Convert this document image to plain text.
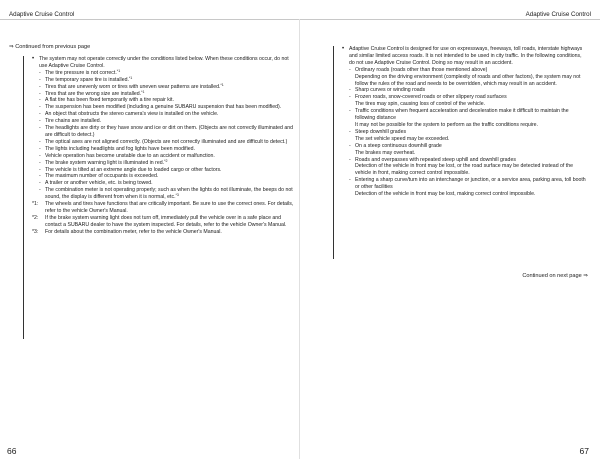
Adaptive Cruise Control	Adaptive Cruise Control
⇒ Continued from previous page
• The system may not operate correctly under the conditions listed below. When these conditions occur, do not use Adaptive Cruise Control.
- The tire pressure is not correct.$^{*1}$
- The temporary spare tire is installed.$^{*1}$
- Tires that are unevenly worn or tires with uneven wear patterns are installed.$^{*1}$
- Tires that are the wrong size are installed.$^{*1}$
- A flat tire has been fixed temporarily with a tire repair kit.
- The suspension has been modified (including a genuine SUBARU suspension that has been modified).
- An object that obstructs the stereo camera's view is installed on the vehicle.
- Tire chains are installed.
- The headlights are dirty or they have snow and ice or dirt on them. (Objects are not correctly illuminated and are difficult to detect.)
- The optical axes are not aligned correctly. (Objects are not correctly illuminated and are difficult to detect.)
- The lights including headlights and fog lights have been modified.
- Vehicle operation has become unstable due to an accident or malfunction.
- The brake system warning light is illuminated in red.$^{*2}$
- The vehicle is tilted at an extreme angle due to loaded cargo or other factors.
- The maximum number of occupants is exceeded.
- A trailer or another vehicle, etc. is being towed.
- The combination meter is not operating properly; such as when the lights do not illuminate, the beeps do not sound, the display is different from when it is normal, etc.$^{*3}$
*1: The wheels and tires have functions that are critically important. Be sure to use the correct ones. For details, refer to the vehicle Owner's Manual.
*2: If the brake system warning light does not turn off, immediately pull the vehicle over in a safe place and contact a SUBARU dealer to have the system inspected. For details, refer to the vehicle Owner's Manual.
*3: For details about the combination meter, refer to the vehicle Owner's Manual.
• Adaptive Cruise Control is designed for use on expressways, freeways, toll roads, interstate highways and similar limited access roads. It is not intended to be used in city traffic. In the following conditions, do not use Adaptive Cruise Control. Doing so may result in an accident.
- Ordinary roads (roads other than those mentioned above)
Depending on the driving environment (complexity of roads and other factors), the system may not follow the rules of the road and needs to be overridden, which may result in an accident.
- Sharp curves or winding roads
- Frozen roads, snow-covered roads or other slippery road surfaces
The tires may spin, causing loss of control of the vehicle.
- Traffic conditions when frequent acceleration and deceleration make it difficult to maintain the following distance
It may not be possible for the system to perform as the traffic conditions require.
- Steep downhill grades
The set vehicle speed may be exceeded.
- On a steep continuous downhill grade
The brakes may overheat.
- Roads and overpasses with repeated steep uphill and downhill grades
Detection of the vehicle in front may be lost, or the road surface may be detected instead of the vehicle in front, making correct control impossible.
- Entering a sharp curve/turn into an interchange or junction, or a service area, parking area, toll booth or other facilities
Detection of the vehicle in front may be lost, making correct control impossible.
Continued on next page ⇒
66	67
